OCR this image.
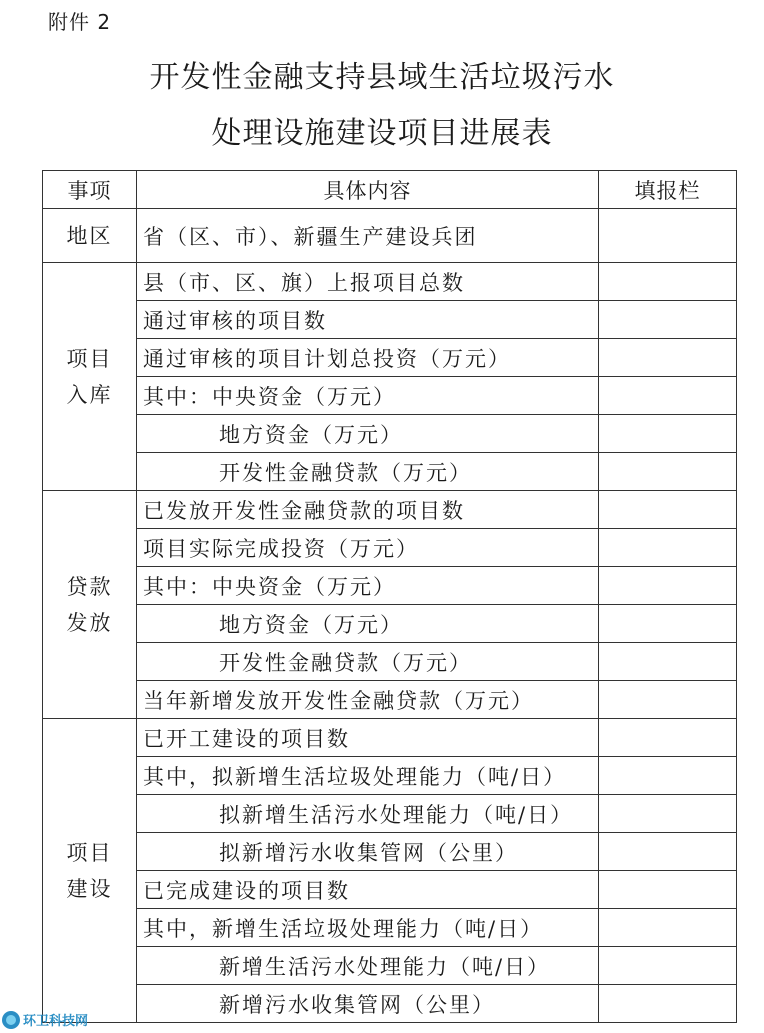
附件 2
开发性金融支持县域生活垃圾污水
处理设施建设项目进展表
事项	具体内容	填报栏
地区	省（区、市）、新疆生产建设兵团	
项目
入库	县（市、区、旗）上报项目总数	
	通过审核的项目数	
	通过审核的项目计划总投资（万元）	
	其中：中央资金（万元）	
	地方资金（万元）	
	开发性金融贷款（万元）	
贷款
发放	已发放开发性金融贷款的项目数	
	项目实际完成投资（万元）	
	其中：中央资金（万元）	
	地方资金（万元）	
	开发性金融贷款（万元）	
	当年新增发放开发性金融贷款（万元）	
项目
建设	已开工建设的项目数	
	其中，拟新增生活垃圾处理能力（吨/日）	
	拟新增生活污水处理能力（吨/日）	
	拟新增污水收集管网（公里）	
	已完成建设的项目数	
	其中，新增生活垃圾处理能力（吨/日）	
	新增生活污水处理能力（吨/日）	
	新增污水收集管网（公里）	
环卫科技网
